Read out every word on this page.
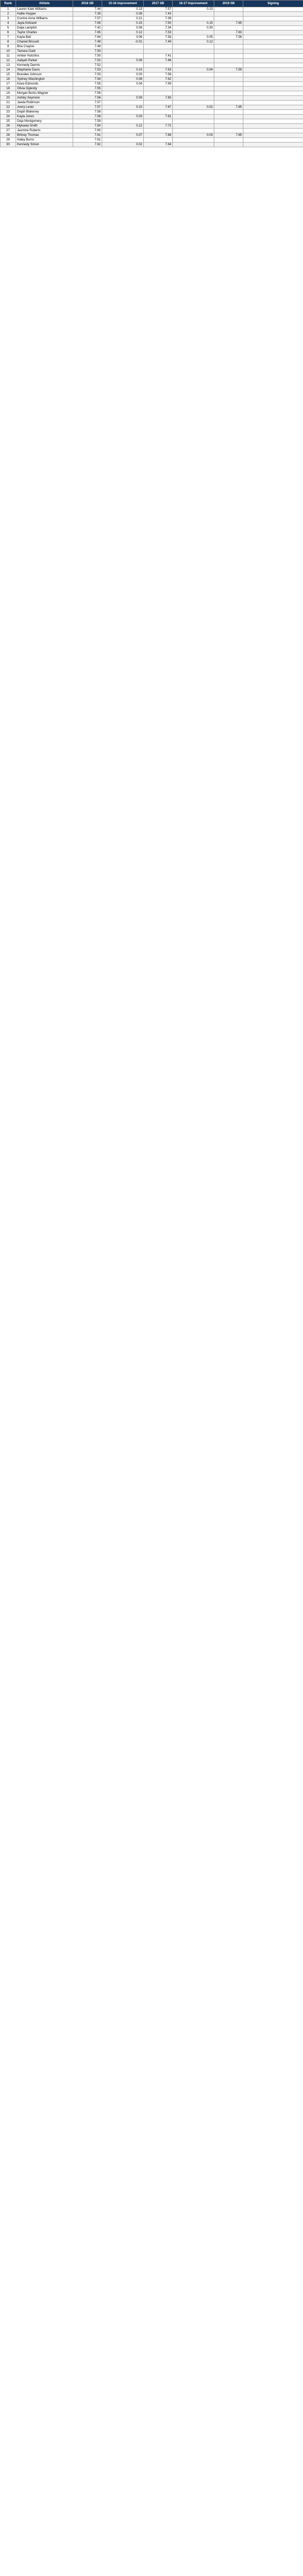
Rank	Athlete	2018 SB	15-16 Improvement	2017 SB	16-17 Improvement	2019 SB	Signing
1	Lauren Kate Williams	7.44	0.13	7.57	0.13		
2	Hallie Hopper	7.35	0.08	7.43			
3	Corrine Anne Williams	7.57	0.21	7.36			
4	Jayla Kirkland	7.65	0.15	7.50	0.15	7.65	
5	Daija Lampkin	7.42	0.08	7.34	0.30		
6	Taylor Charles	7.65	0.12	7.53		7.63	
7	Kayla Bell	7.64	0.06	7.58	0.05	7.58	
8	Chaniel Brissett	7.48	-0.01	7.49	0.12		
9	Bria Crayton	7.48					
10	Tamara Clark	7.50					
11	Amber Hutchins	7.50		7.41			
12	Aaliyah Parker	7.52	0.06	7.46			
13	Kennedy Dennis	7.52					
14	Stephanie Davis	7.53	0.10	7.63	0.04	7.59	
15	Brandee Johnson	7.53	0.03	7.56			
16	Sydney Washington	7.54	0.08	7.62			
17	Kiara Edmonds	7.55	0.04	7.59			
18	Olivia Oglesby	7.55					
19	Morgan Burks-Wagner	7.56					
20	Ashley Seymore	7.56	0.09	7.65			
21	Jaeda Robinson	7.57					
22	Avery Lewis	7.57	0.10	7.67	0.02	7.65	
23	Dejah Blakeney	7.58					
24	Kayla Jones	7.58	0.03	7.61			
25	Deja Montgomery	7.59					
26	Mykaela Smith	7.60	0.12	7.72			
27	Jasmine Roberts	7.60					
28	Britney Thomas	7.61	0.07	7.68	0.03	7.65	
29	Haley Burns	7.61					
30	Kennedy Simon	7.62	0.02	7.64			
